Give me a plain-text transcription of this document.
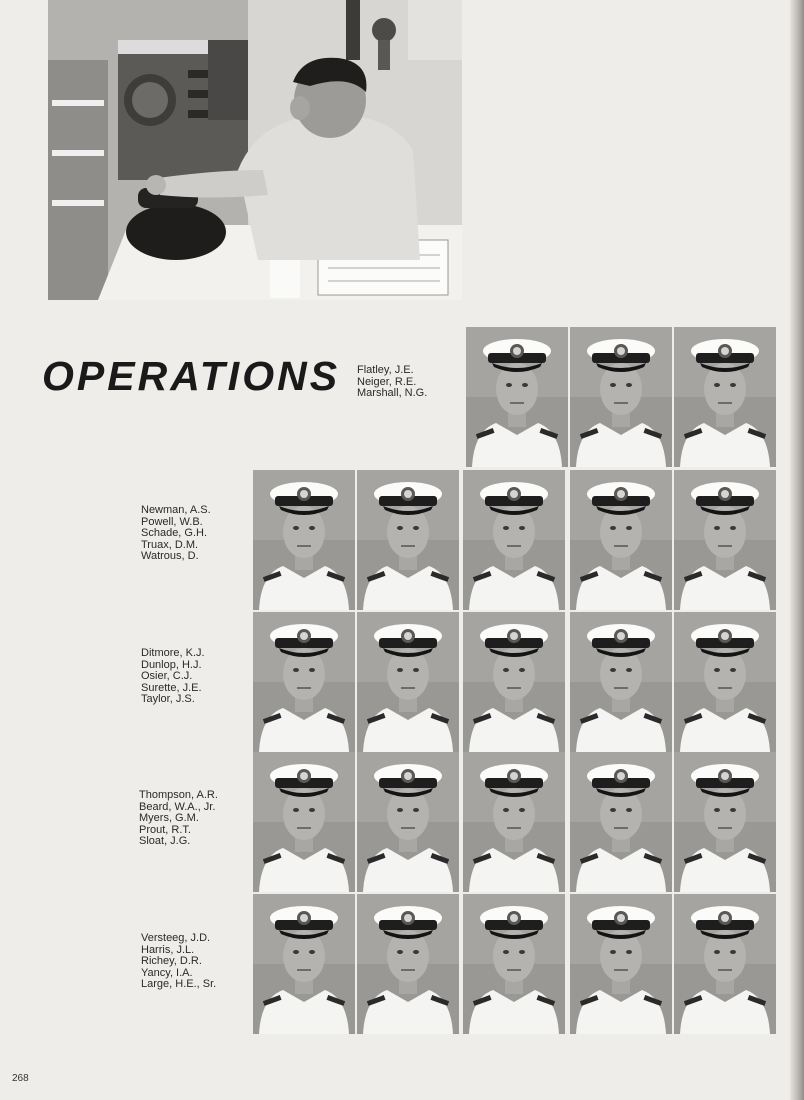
OPERATIONS Flatley, J.E.
Neiger, R.E.
Marshall, N.G.
Newman, A.S.
Powell, W.B.
Schade, G.H.
Truax, D.M.
Watrous, D.
Ditmore, K.J.
Dunlop, H.J.
Osier, C.J.
Surette, J.E.
Taylor, J.S.
Thompson, A.R.
Beard, W.A., Jr.
Myers, G.M.
Prout, R.T.
Sloat, J.G.
Versteeg, J.D.
Harris, J.L.
Richey, D.R.
Yancy, I.A.
Large, H.E., Sr.
268
